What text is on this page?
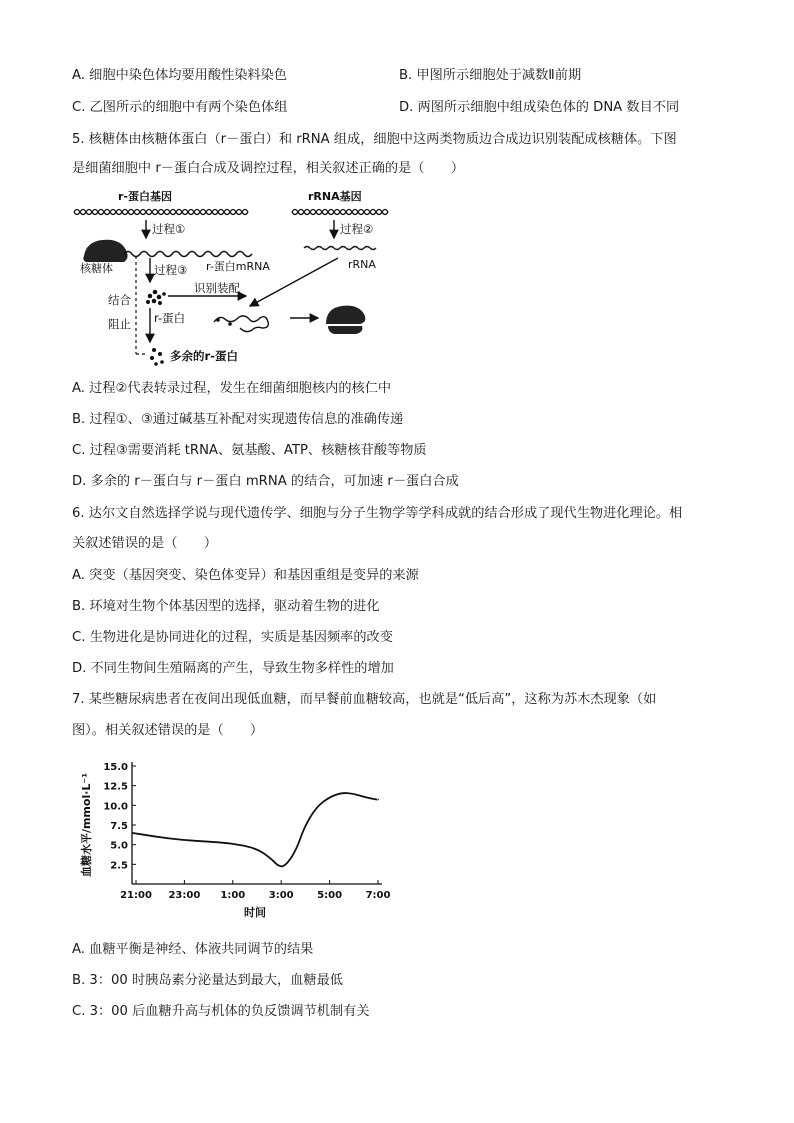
A. 细胞中染色体均要用酸性染料染色	B. 甲图所示细胞处于减数Ⅱ前期
C. 乙图所示的细胞中有两个染色体组	D. 两图所示细胞中组成染色体的 DNA 数目不同
5. 核糖体由核糖体蛋白（r－蛋白）和 rRNA 组成，细胞中这两类物质边合成边识别装配成核糖体。下图
是细菌细胞中 r－蛋白合成及调控过程，相关叙述正确的是（　　）
r-蛋白基因	rRNA基因
过程①	过程②
核糖体	r-蛋白mRNA	rRNA
过程③
结合
阻止
识别装配
r-蛋白
多余的r-蛋白
A. 过程②代表转录过程，发生在细菌细胞核内的核仁中
B. 过程①、③通过碱基互补配对实现遗传信息的准确传递
C. 过程③需要消耗 tRNA、氨基酸、ATP、核糖核苷酸等物质
D. 多余的 r－蛋白与 r－蛋白 mRNA 的结合，可加速 r－蛋白合成
6. 达尔文自然选择学说与现代遗传学、细胞与分子生物学等学科成就的结合形成了现代生物进化理论。相
关叙述错误的是（　　）
A. 突变（基因突变、染色体变异）和基因重组是变异的来源
B. 环境对生物个体基因型的选择，驱动着生物的进化
C. 生物进化是协同进化的过程，实质是基因频率的改变
D. 不同生物间生殖隔离的产生，导致生物多样性的增加
7. 某些糖尿病患者在夜间出现低血糖，而早餐前血糖较高，也就是“低后高”，这称为苏木杰现象（如
图）。相关叙述错误的是（　　）
2.5
5.0
7.5
10.0
12.5
15.0
21:00 23:00 1:00 3:00 5:00 7:00
血糖水平/mmol·L⁻¹
时间
A. 血糖平衡是神经、体液共同调节的结果
B. 3：00 时胰岛素分泌量达到最大，血糖最低
C. 3：00 后血糖升高与机体的负反馈调节机制有关
